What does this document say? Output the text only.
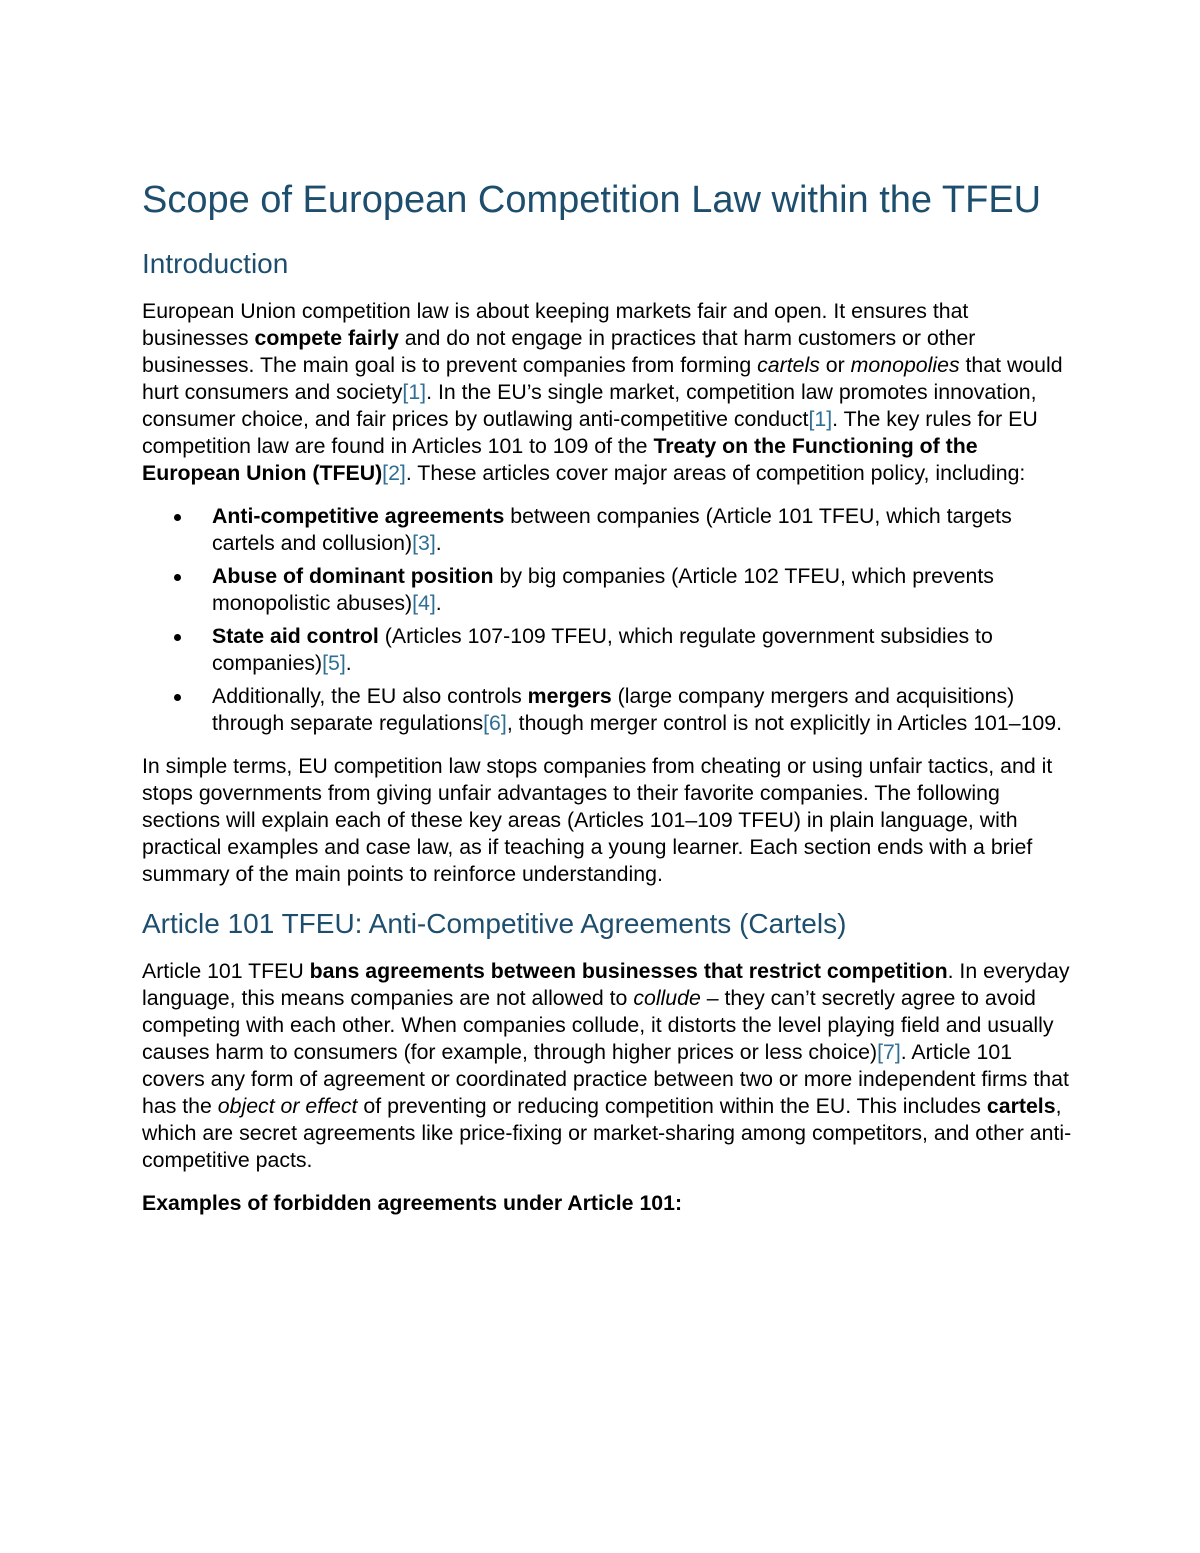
Scope of European Competition Law within the TFEU
Introduction

European Union competition law is about keeping markets fair and open. It ensures that businesses compete fairly and do not engage in practices that harm customers or other businesses. The main goal is to prevent companies from forming cartels or monopolies that would hurt consumers and society[1]. In the EU’s single market, competition law promotes innovation, consumer choice, and fair prices by outlawing anti-competitive conduct[1]. The key rules for EU competition law are found in Articles 101 to 109 of the Treaty on the Functioning of the European Union (TFEU)[2]. These articles cover major areas of competition policy, including:

Anti-competitive agreements between companies (Article 101 TFEU, which targets cartels and collusion)[3].
Abuse of dominant position by big companies (Article 102 TFEU, which prevents monopolistic abuses)[4].
State aid control (Articles 107-109 TFEU, which regulate government subsidies to companies)[5].
Additionally, the EU also controls mergers (large company mergers and acquisitions) through separate regulations[6], though merger control is not explicitly in Articles 101–109.

In simple terms, EU competition law stops companies from cheating or using unfair tactics, and it stops governments from giving unfair advantages to their favorite companies. The following sections will explain each of these key areas (Articles 101–109 TFEU) in plain language, with practical examples and case law, as if teaching a young learner. Each section ends with a brief summary of the main points to reinforce understanding.

Article 101 TFEU: Anti-Competitive Agreements (Cartels)

Article 101 TFEU bans agreements between businesses that restrict competition. In everyday language, this means companies are not allowed to collude – they can’t secretly agree to avoid competing with each other. When companies collude, it distorts the level playing field and usually causes harm to consumers (for example, through higher prices or less choice)[7]. Article 101 covers any form of agreement or coordinated practice between two or more independent firms that has the object or effect of preventing or reducing competition within the EU. This includes cartels, which are secret agreements like price-fixing or market-sharing among competitors, and other anti-competitive pacts.

Examples of forbidden agreements under Article 101:
